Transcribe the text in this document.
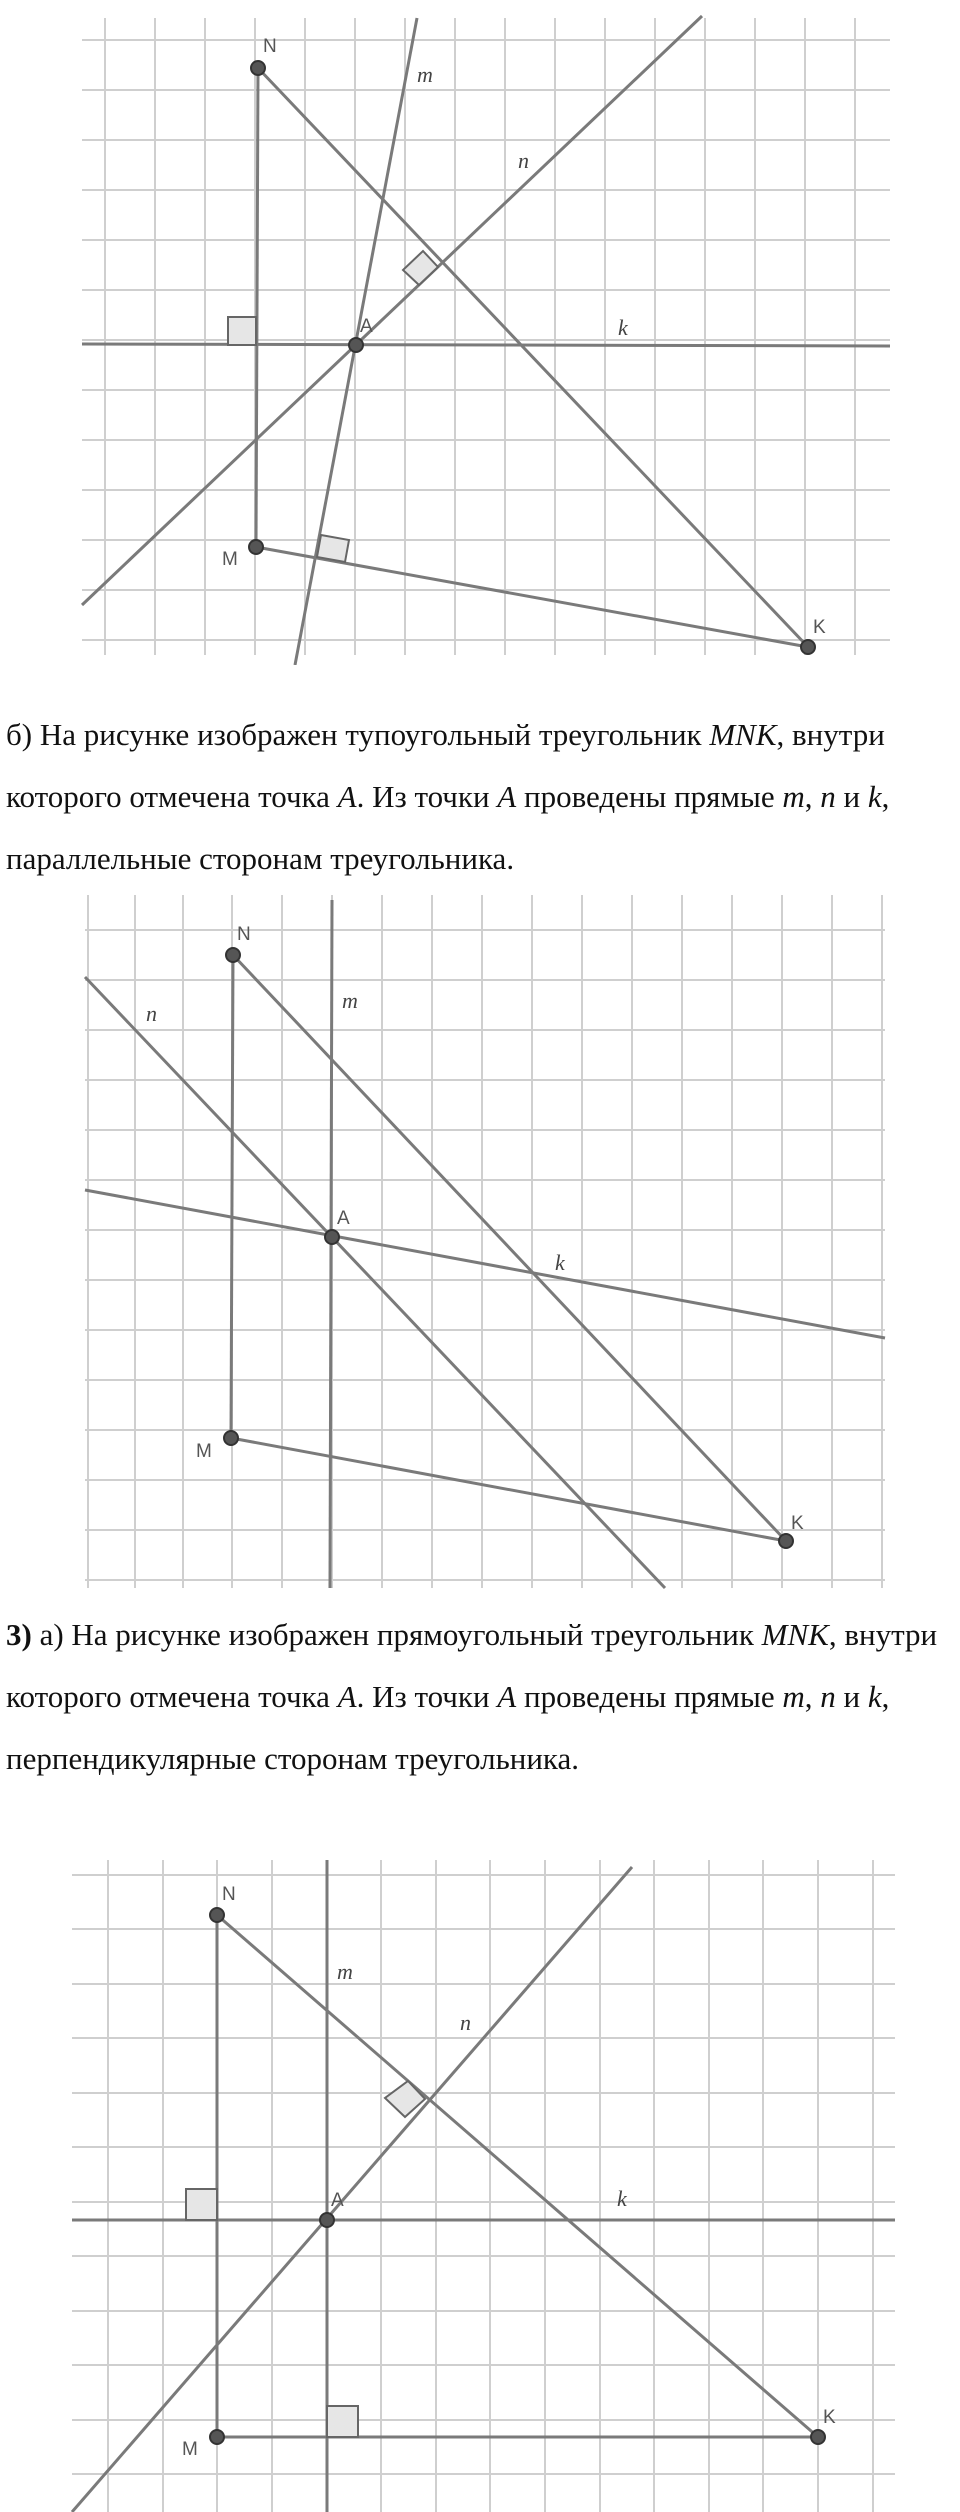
N
A
M
K
m
n
k

б) На рисунке изображен тупоугольный треугольник MNK, внутри которого отмечена точка A. Из точки A проведены прямые m, n и k, параллельные сторонам треугольника.

N
A
M
K
m
n
k

3) а) На рисунке изображен прямоугольный треугольник MNK, внутри которого отмечена точка A. Из точки A проведены прямые m, n и k, перпендикулярные сторонам треугольника.

N
A
M
K
m
n
k
